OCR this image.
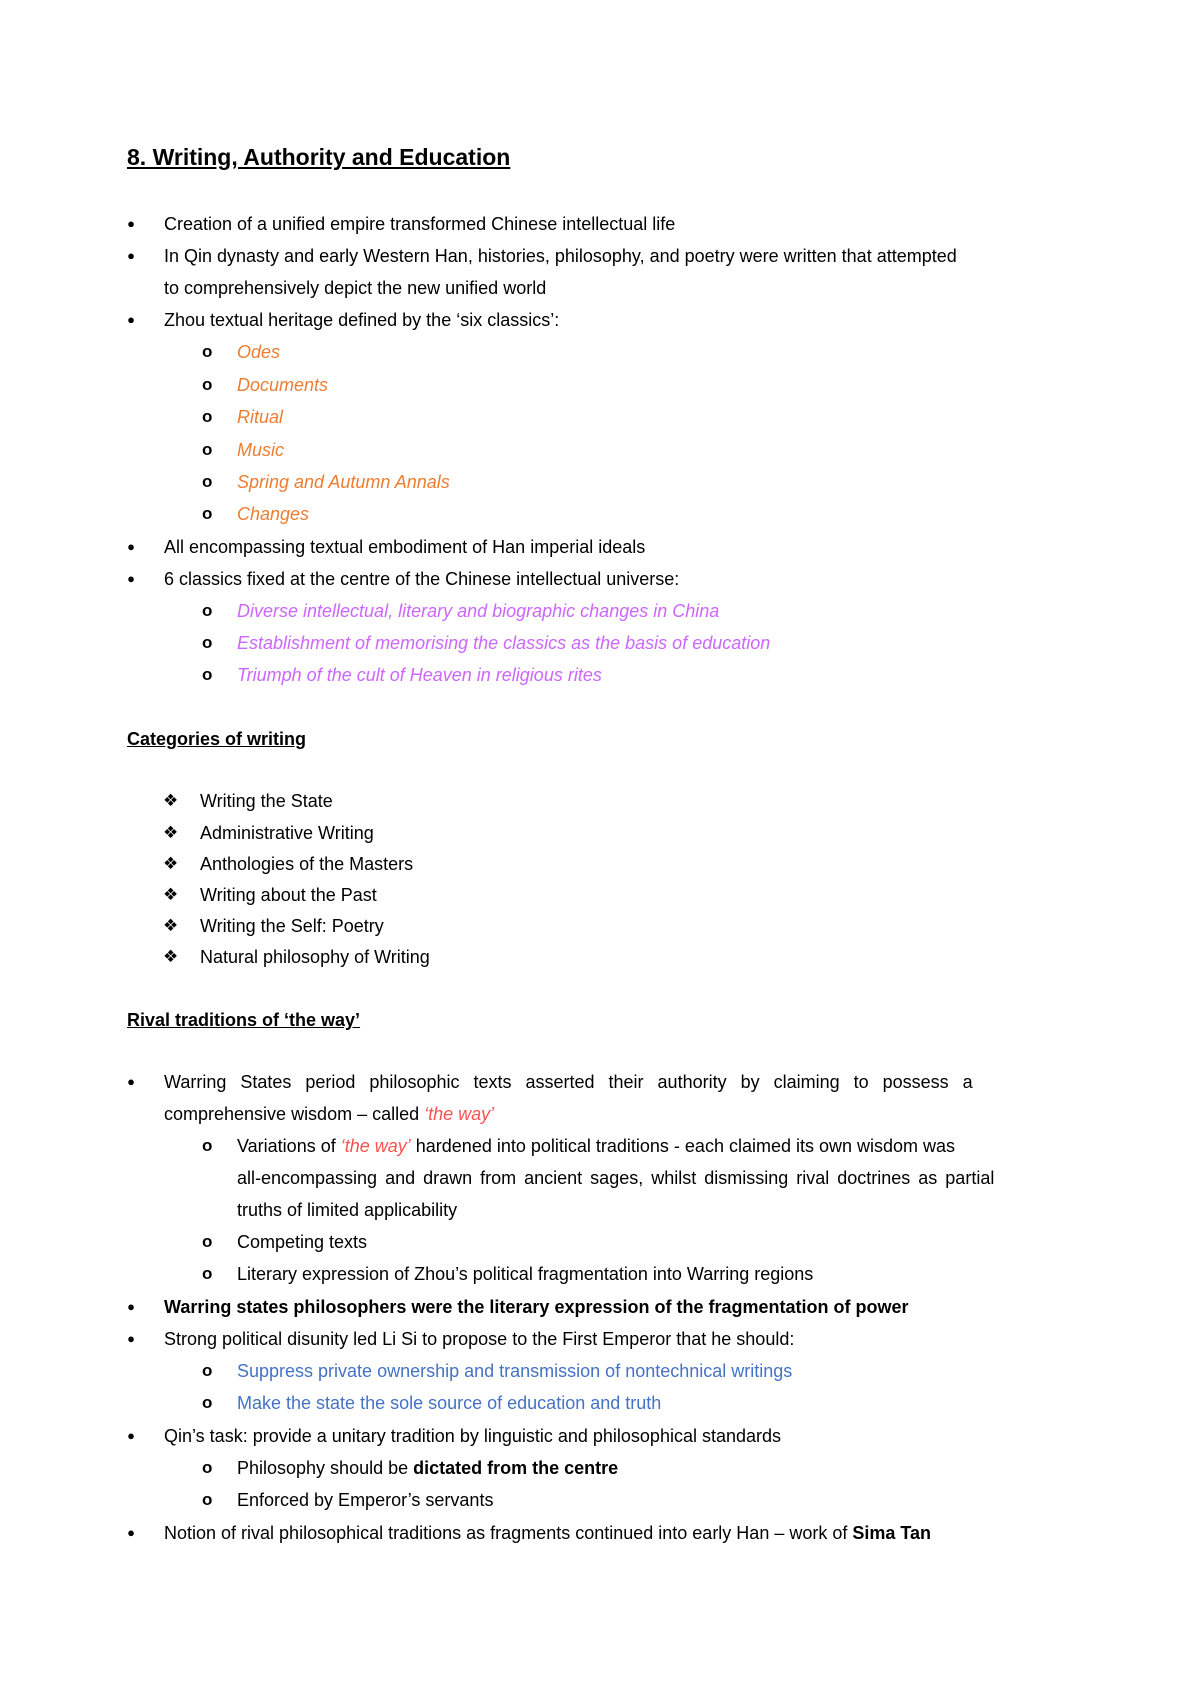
8. Writing, Authority and Education
● Creation of a unified empire transformed Chinese intellectual life
● In Qin dynasty and early Western Han, histories, philosophy, and poetry were written that attempted
to comprehensively depict the new unified world
● Zhou textual heritage defined by the ‘six classics’:
o Odes
o Documents
o Ritual
o Music
o Spring and Autumn Annals
o Changes
● All encompassing textual embodiment of Han imperial ideals
● 6 classics fixed at the centre of the Chinese intellectual universe:
o Diverse intellectual, literary and biographic changes in China
o Establishment of memorising the classics as the basis of education
o Triumph of the cult of Heaven in religious rites
Categories of writing
❖ Writing the State
❖ Administrative Writing
❖ Anthologies of the Masters
❖ Writing about the Past
❖ Writing the Self: Poetry
❖ Natural philosophy of Writing
Rival traditions of ‘the way’
● Warring States period philosophic texts asserted their authority by claiming to possess a
comprehensive wisdom – called ‘the way’
o Variations of ‘the way’ hardened into political traditions - each claimed its own wisdom was
all-encompassing and drawn from ancient sages, whilst dismissing rival doctrines as partial
truths of limited applicability
o Competing texts
o Literary expression of Zhou’s political fragmentation into Warring regions
● Warring states philosophers were the literary expression of the fragmentation of power
● Strong political disunity led Li Si to propose to the First Emperor that he should:
o Suppress private ownership and transmission of nontechnical writings
o Make the state the sole source of education and truth
● Qin’s task: provide a unitary tradition by linguistic and philosophical standards
o Philosophy should be dictated from the centre
o Enforced by Emperor’s servants
● Notion of rival philosophical traditions as fragments continued into early Han – work of Sima Tan
